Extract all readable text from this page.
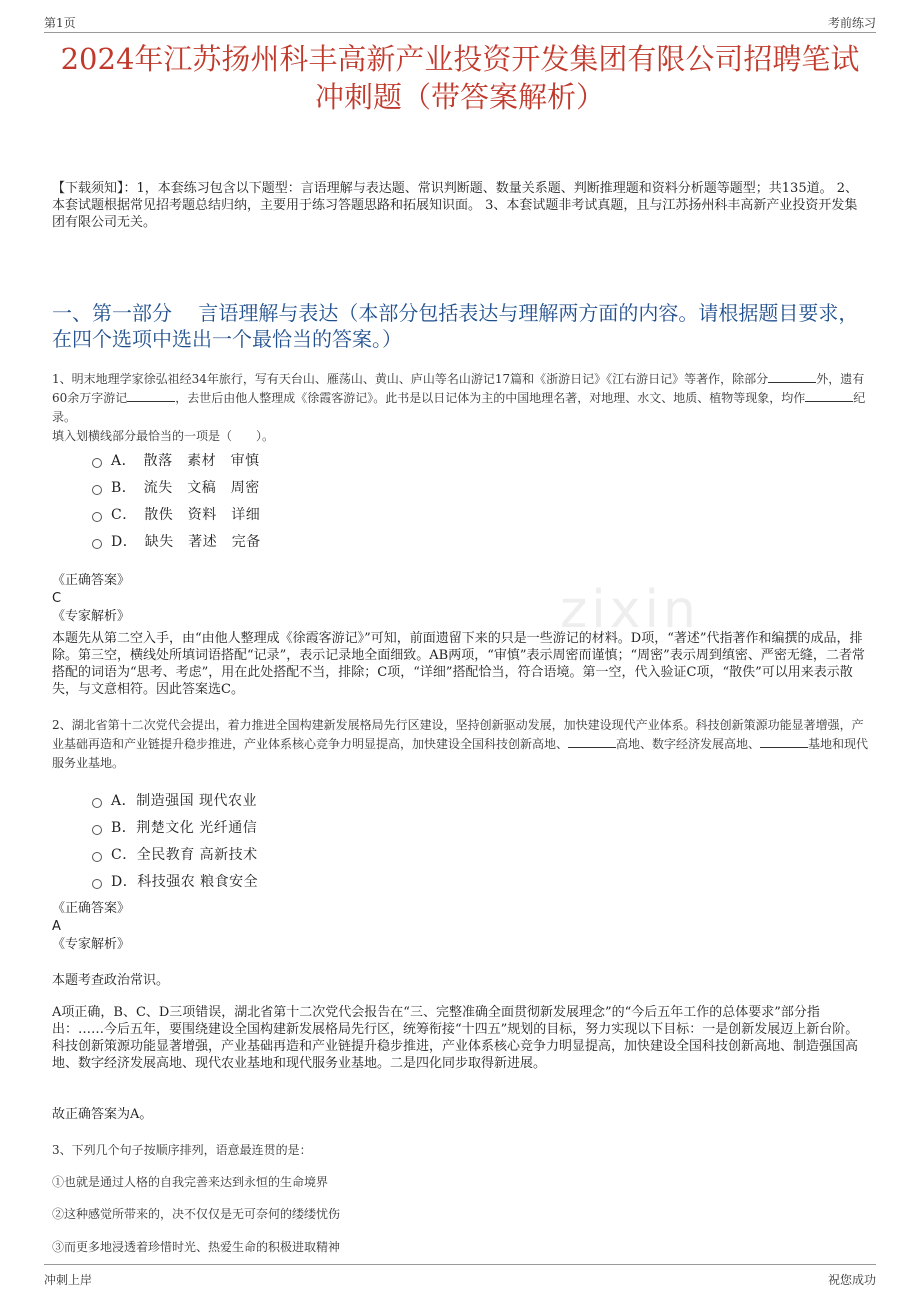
第1页	考前练习
zixin
2024年江苏扬州科丰高新产业投资开发集团有限公司招聘笔试
冲刺题（带答案解析）
【下载须知】：1，本套练习包含以下题型：言语理解与表达题、常识判断题、数量关系题、判断推理题和资料分析题等题型；共135道。 2、本套试题根据常见招考题总结归纳，主要用于练习答题思路和拓展知识面。 3、本套试题非考试真题，且与江苏扬州科丰高新产业投资开发集团有限公司无关。
一、第一部分　 言语理解与表达（本部分包括表达与理解两方面的内容。请根据题目要求，在四个选项中选出一个最恰当的答案。）
1、明末地理学家徐弘祖经34年旅行，写有天台山、雁荡山、黄山、庐山等名山游记17篇和《浙游日记》《江右游日记》等著作，除部分	外，遗有60余万字游记	，去世后由他人整理成《徐霞客游记》。此书是以日记体为主的中国地理名著，对地理、水文、地质、植物等现象，均作	纪录。
填入划横线部分最恰当的一项是（　　）。
A．　散落　素材　审慎
B．　流失　文稿　周密
C．　散佚　资料　详细
D．　缺失　著述　完备
《正确答案》
C
《专家解析》
本题先从第二空入手，由“由他人整理成《徐霞客游记》”可知，前面遗留下来的只是一些游记的材料。D项，“著述”代指著作和编撰的成品，排除。第三空，横线处所填词语搭配“记录”，表示记录地全面细致。AB两项，“审慎”表示周密而谨慎；“周密”表示周到缜密、严密无缝，二者常搭配的词语为“思考、考虑”，用在此处搭配不当，排除；C项，“详细”搭配恰当，符合语境。第一空，代入验证C项，“散佚”可以用来表示散失，与文意相符。因此答案选C。
2、湖北省第十二次党代会提出，着力推进全国构建新发展格局先行区建设，坚持创新驱动发展，加快建设现代产业体系。科技创新策源功能显著增强，产业基础再造和产业链提升稳步推进，产业体系核心竞争力明显提高，加快建设全国科技创新高地、	高地、数字经济发展高地、	基地和现代服务业基地。
A．制造强国 现代农业
B．荆楚文化 光纤通信
C．全民教育 高新技术
D．科技强农 粮食安全
《正确答案》
A
《专家解析》
本题考查政治常识。
A项正确，B、C、D三项错误，湖北省第十二次党代会报告在“三、完整准确全面贯彻新发展理念”的“今后五年工作的总体要求”部分指出：……今后五年，要围绕建设全国构建新发展格局先行区，统筹衔接“十四五”规划的目标，努力实现以下目标：一是创新发展迈上新台阶。科技创新策源功能显著增强，产业基础再造和产业链提升稳步推进，产业体系核心竞争力明显提高，加快建设全国科技创新高地、制造强国高地、数字经济发展高地、现代农业基地和现代服务业基地。二是四化同步取得新进展。
故正确答案为A。
3、下列几个句子按顺序排列，语意最连贯的是：
①也就是通过人格的自我完善来达到永恒的生命境界
②这种感觉所带来的，决不仅仅是无可奈何的缕缕忧伤
③而更多地浸透着珍惜时光、热爱生命的积极进取精神
冲刺上岸	祝您成功
